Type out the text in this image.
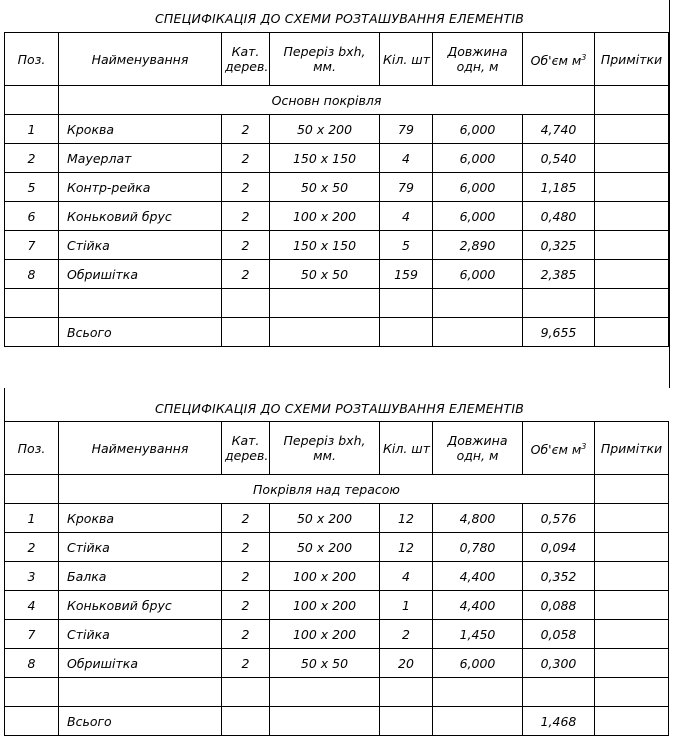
СПЕЦИФІКАЦІЯ ДО СХЕМИ РОЗТАШУВАННЯ ЕЛЕМЕНТІВ
Поз.	Найменування	Кат. дерев.	Переріз bxh, мм.	Кіл. шт	Довжина одн, м	Об'єм $м^3$	Примітки
	Основн покрівля						
1	Кроква	2	50 x 200	79	6,000	4,740	
2	Мауерлат	2	150 x 150	4	6,000	0,540	
5	Контр-рейка	2	50 x 50	79	6,000	1,185	
6	Коньковий брус	2	100 x 200	4	6,000	0,480	
7	Стійка	2	150 x 150	5	2,890	0,325	
8	Обришітка	2	50 x 50	159	6,000	2,385	

	Всього					9,655	
СПЕЦИФІКАЦІЯ ДО СХЕМИ РОЗТАШУВАННЯ ЕЛЕМЕНТІВ
Поз.	Найменування	Кат. дерев.	Переріз bxh, мм.	Кіл. шт	Довжина одн, м	Об'єм $м^3$	Примітки
	Покрівля над терасою						
1	Кроква	2	50 x 200	12	4,800	0,576	
2	Стійка	2	50 x 200	12	0,780	0,094	
3	Балка	2	100 x 200	4	4,400	0,352	
4	Коньковий брус	2	100 x 200	1	4,400	0,088	
7	Стійка	2	100 x 200	2	1,450	0,058	
8	Обришітка	2	50 x 50	20	6,000	0,300	

	Всього					1,468	
